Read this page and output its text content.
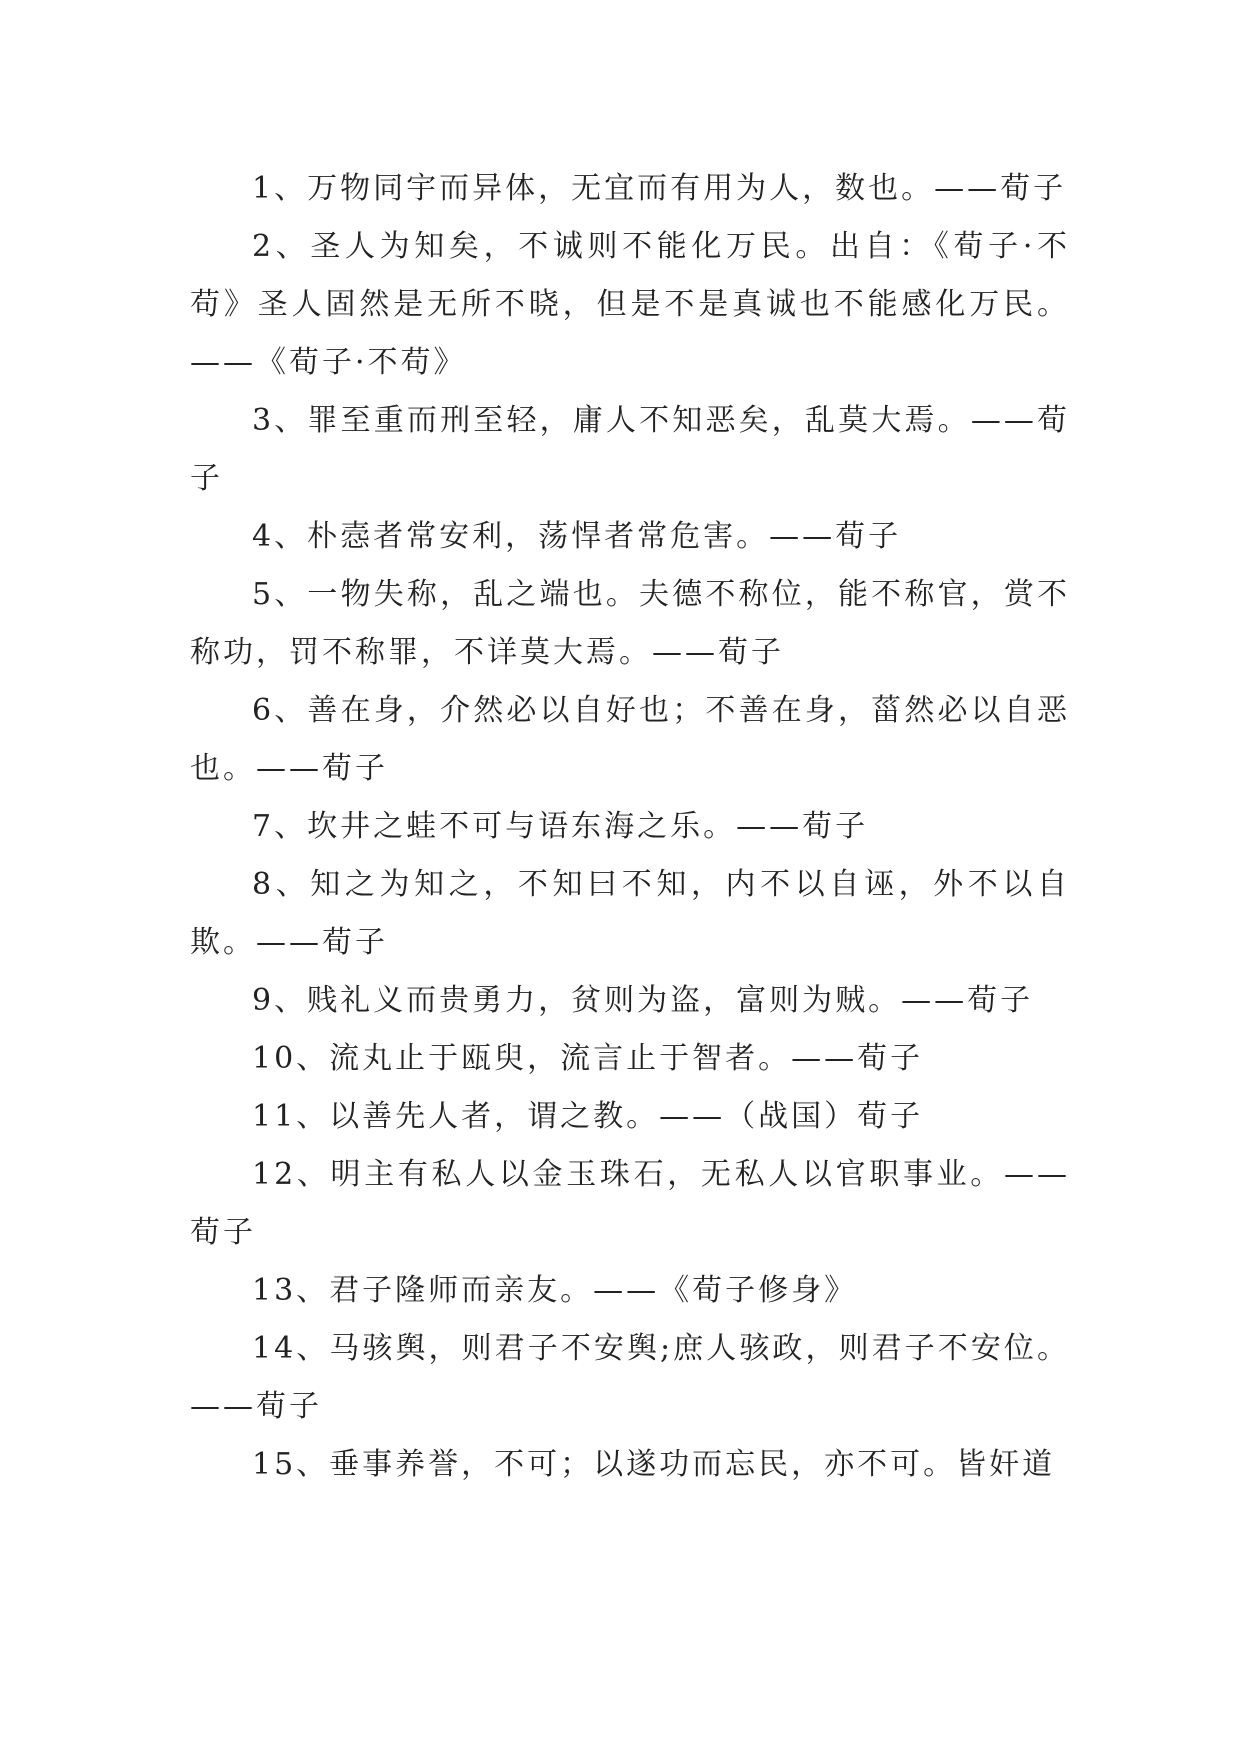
1、万物同宇而异体，无宜而有用为人，数也。——荀子

2、圣人为知矣，不诚则不能化万民。出自：《荀子·不苟》圣人固然是无所不晓，但是不是真诚也不能感化万民。——《荀子·不苟》

3、罪至重而刑至轻，庸人不知恶矣，乱莫大焉。——荀子

4、朴悫者常安利，荡悍者常危害。——荀子

5、一物失称，乱之端也。夫德不称位，能不称官，赏不称功，罚不称罪，不详莫大焉。——荀子

6、善在身，介然必以自好也；不善在身，菑然必以自恶也。——荀子

7、坎井之蛙不可与语东海之乐。——荀子

8、知之为知之，不知曰不知，内不以自诬，外不以自欺。——荀子

9、贱礼义而贵勇力，贫则为盗，富则为贼。——荀子

10、流丸止于瓯臾，流言止于智者。——荀子

11、以善先人者，谓之教。——（战国）荀子

12、明主有私人以金玉珠石，无私人以官职事业。——荀子

13、君子隆师而亲友。——《荀子修身》

14、马骇舆，则君子不安舆;庶人骇政，则君子不安位。——荀子

15、垂事养誉，不可；以遂功而忘民，亦不可。皆奸道
